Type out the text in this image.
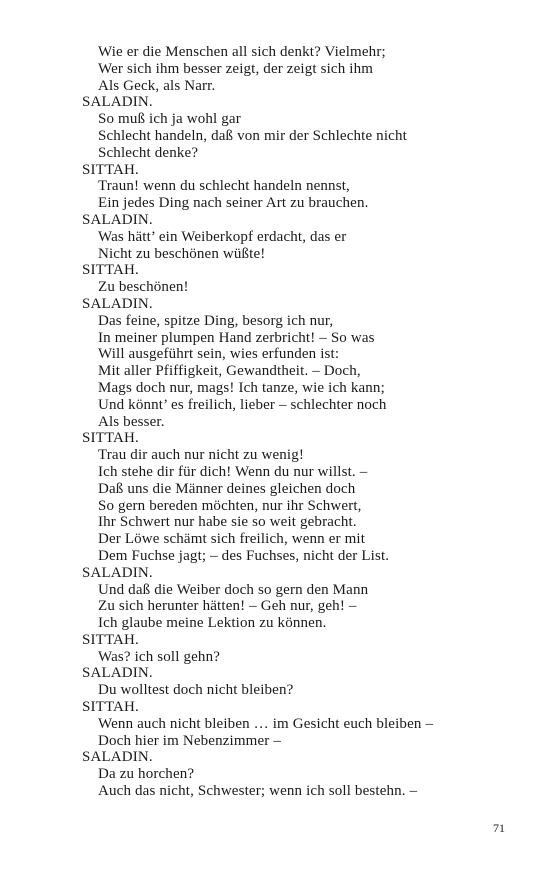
Wie er die Menschen all sich denkt? Vielmehr;
Wer sich ihm besser zeigt, der zeigt sich ihm
Als Geck, als Narr.
SALADIN.
So muß ich ja wohl gar
Schlecht handeln, daß von mir der Schlechte nicht
Schlecht denke?
SITTAH.
Traun! wenn du schlecht handeln nennst,
Ein jedes Ding nach seiner Art zu brauchen.
SALADIN.
Was hätt’ ein Weiberkopf erdacht, das er
Nicht zu beschönen wüßte!
SITTAH.
Zu beschönen!
SALADIN.
Das feine, spitze Ding, besorg ich nur,
In meiner plumpen Hand zerbricht! – So was
Will ausgeführt sein, wies erfunden ist:
Mit aller Pfiffigkeit, Gewandtheit. – Doch,
Mags doch nur, mags! Ich tanze, wie ich kann;
Und könnt’ es freilich, lieber – schlechter noch
Als besser.
SITTAH.
Trau dir auch nur nicht zu wenig!
Ich stehe dir für dich! Wenn du nur willst. –
Daß uns die Männer deines gleichen doch
So gern bereden möchten, nur ihr Schwert,
Ihr Schwert nur habe sie so weit gebracht.
Der Löwe schämt sich freilich, wenn er mit
Dem Fuchse jagt; – des Fuchses, nicht der List.
SALADIN.
Und daß die Weiber doch so gern den Mann
Zu sich herunter hätten! – Geh nur, geh! –
Ich glaube meine Lektion zu können.
SITTAH.
Was? ich soll gehn?
SALADIN.
Du wolltest doch nicht bleiben?
SITTAH.
Wenn auch nicht bleiben … im Gesicht euch bleiben –
Doch hier im Nebenzimmer –
SALADIN.
Da zu horchen?
Auch das nicht, Schwester; wenn ich soll bestehn. –
71
